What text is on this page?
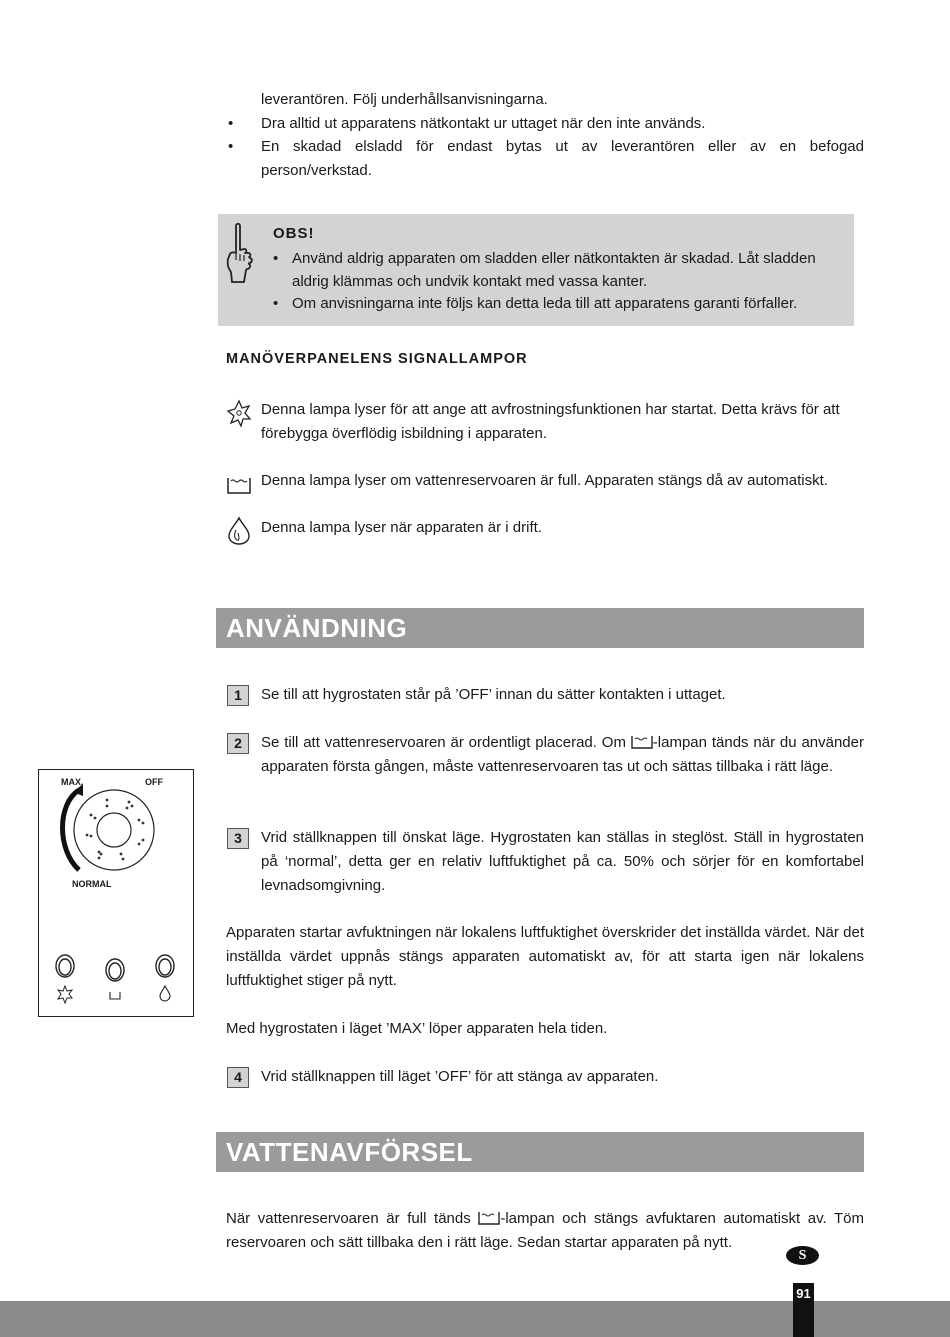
leverantören. Följ underhållsanvisningarna.
•	Dra alltid ut apparatens nätkontakt ur uttaget när den inte används.
•	En skadad elsladd för endast bytas ut av leverantören eller av en befogad person/verkstad.
OBS!
• Använd aldrig apparaten om sladden eller nätkontakten är skadad. Låt sladden aldrig klämmas och undvik kontakt med vassa kanter.
• Om anvisningarna inte följs kan detta leda till att apparatens garanti förfaller.
MANÖVERPANELENS SIGNALLAMPOR
Denna lampa lyser för att ange att avfrostningsfunktionen har startat. Detta krävs för att förebygga överflödig isbildning i apparaten.
Denna lampa lyser om vattenreservoaren är full. Apparaten stängs då av automatiskt.
Denna lampa lyser när apparaten är i drift.
ANVÄNDNING
1	Se till att hygrostaten står på ’OFF’ innan du sätter kontakten i uttaget.
2	Se till att vattenreservoaren är ordentligt placerad. Om -lampan tänds när du använder apparaten första gången, måste vattenreservoaren tas ut och sättas tillbaka i rätt läge.
3	Vrid ställknappen till önskat läge. Hygrostaten kan ställas in steglöst. Ställ in hygrostaten på ‘normal’, detta ger en relativ luftfuktighet på ca. 50% och sörjer för en komfortabel levnadsomgivning.
Apparaten startar avfuktningen när lokalens luftfuktighet överskrider det inställda värdet. När det inställda värdet uppnås stängs apparaten automatiskt av, för att starta igen när lokalens luftfuktighet stiger på nytt.
Med hygrostaten i läget ’MAX’ löper apparaten hela tiden.
4	Vrid ställknappen till läget ’OFF’ för att stänga av apparaten.
MAX.	OFF
NORMAL
VATTENAVFÖRSEL
När vattenreservoaren är full tänds -lampan och stängs avfuktaren automatiskt av. Töm reservoaren och sätt tillbaka den i rätt läge. Sedan startar apparaten på nytt.
S
91
